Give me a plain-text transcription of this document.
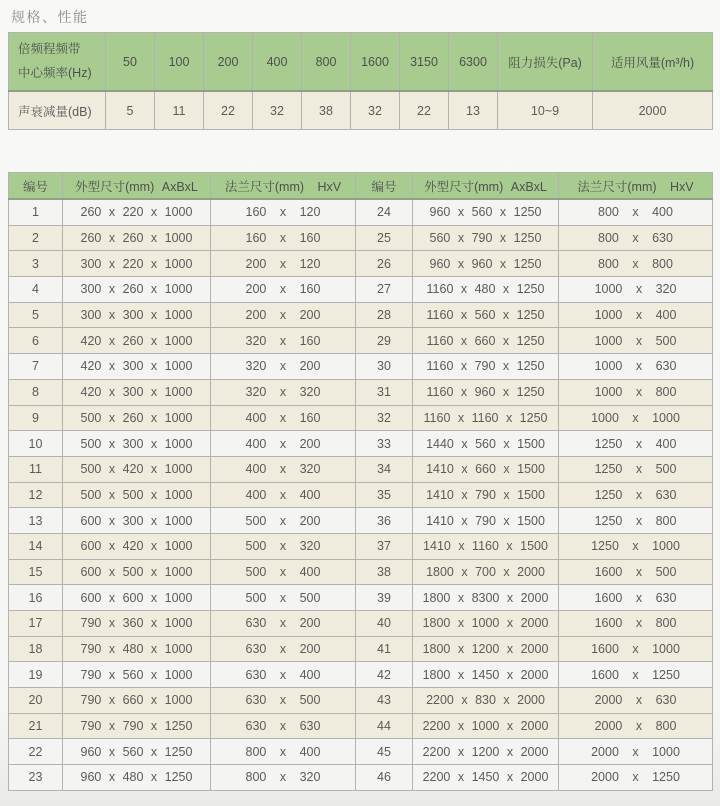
规格、性能
倍频程频带
中心频率(Hz)	50	100	200	400	800	1600	3150	6300	阻力损失(Pa)	适用风量(m³/h)
声衰减量(dB)	5	11	22	32	38	32	22	13	10~9	2000
编号	外型尺寸(mm) AxBxL	法兰尺寸(mm) HxV	编号	外型尺寸(mm) AxBxL	法兰尺寸(mm) HxV
1	260 x 220 x 1000	160 x 120	24	960 x 560 x 1250	800 x 400
2	260 x 260 x 1000	160 x 160	25	560 x 790 x 1250	800 x 630
3	300 x 220 x 1000	200 x 120	26	960 x 960 x 1250	800 x 800
4	300 x 260 x 1000	200 x 160	27	1160 x 480 x 1250	1000 x 320
5	300 x 300 x 1000	200 x 200	28	1160 x 560 x 1250	1000 x 400
6	420 x 260 x 1000	320 x 160	29	1160 x 660 x 1250	1000 x 500
7	420 x 300 x 1000	320 x 200	30	1160 x 790 x 1250	1000 x 630
8	420 x 300 x 1000	320 x 320	31	1160 x 960 x 1250	1000 x 800
9	500 x 260 x 1000	400 x 160	32	1160 x 1160 x 1250	1000 x 1000
10	500 x 300 x 1000	400 x 200	33	1440 x 560 x 1500	1250 x 400
11	500 x 420 x 1000	400 x 320	34	1410 x 660 x 1500	1250 x 500
12	500 x 500 x 1000	400 x 400	35	1410 x 790 x 1500	1250 x 630
13	600 x 300 x 1000	500 x 200	36	1410 x 790 x 1500	1250 x 800
14	600 x 420 x 1000	500 x 320	37	1410 x 1160 x 1500	1250 x 1000
15	600 x 500 x 1000	500 x 400	38	1800 x 700 x 2000	1600 x 500
16	600 x 600 x 1000	500 x 500	39	1800 x 8300 x 2000	1600 x 630
17	790 x 360 x 1000	630 x 200	40	1800 x 1000 x 2000	1600 x 800
18	790 x 480 x 1000	630 x 200	41	1800 x 1200 x 2000	1600 x 1000
19	790 x 560 x 1000	630 x 400	42	1800 x 1450 x 2000	1600 x 1250
20	790 x 660 x 1000	630 x 500	43	2200 x 830 x 2000	2000 x 630
21	790 x 790 x 1250	630 x 630	44	2200 x 1000 x 2000	2000 x 800
22	960 x 560 x 1250	800 x 400	45	2200 x 1200 x 2000	2000 x 1000
23	960 x 480 x 1250	800 x 320	46	2200 x 1450 x 2000	2000 x 1250
